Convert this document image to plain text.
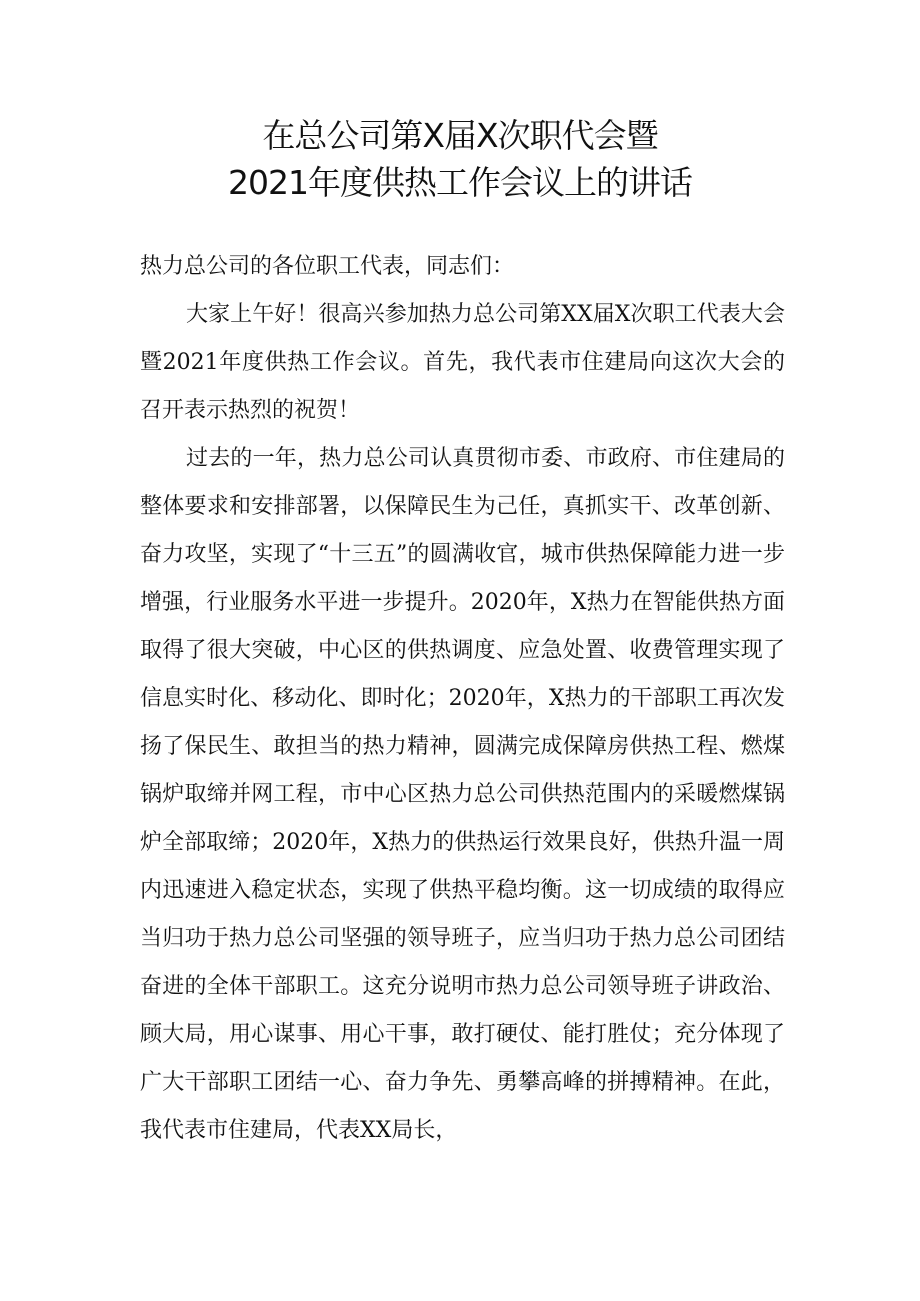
在总公司第X届X次职代会暨
2021年度供热工作会议上的讲话

热力总公司的各位职工代表，同志们：

大家上午好！很高兴参加热力总公司第XX届X次职工代表大会暨2021年度供热工作会议。首先，我代表市住建局向这次大会的召开表示热烈的祝贺！

过去的一年，热力总公司认真贯彻市委、市政府、市住建局的整体要求和安排部署，以保障民生为己任，真抓实干、改革创新、奋力攻坚，实现了“十三五”的圆满收官，城市供热保障能力进一步增强，行业服务水平进一步提升。2020年，X热力在智能供热方面取得了很大突破，中心区的供热调度、应急处置、收费管理实现了信息实时化、移动化、即时化；2020年，X热力的干部职工再次发扬了保民生、敢担当的热力精神，圆满完成保障房供热工程、燃煤锅炉取缔并网工程，市中心区热力总公司供热范围内的采暖燃煤锅炉全部取缔；2020年，X热力的供热运行效果良好，供热升温一周内迅速进入稳定状态，实现了供热平稳均衡。这一切成绩的取得应当归功于热力总公司坚强的领导班子，应当归功于热力总公司团结奋进的全体干部职工。这充分说明市热力总公司领导班子讲政治、顾大局，用心谋事、用心干事，敢打硬仗、能打胜仗；充分体现了广大干部职工团结一心、奋力争先、勇攀高峰的拼搏精神。在此，我代表市住建局，代表XX局长，
